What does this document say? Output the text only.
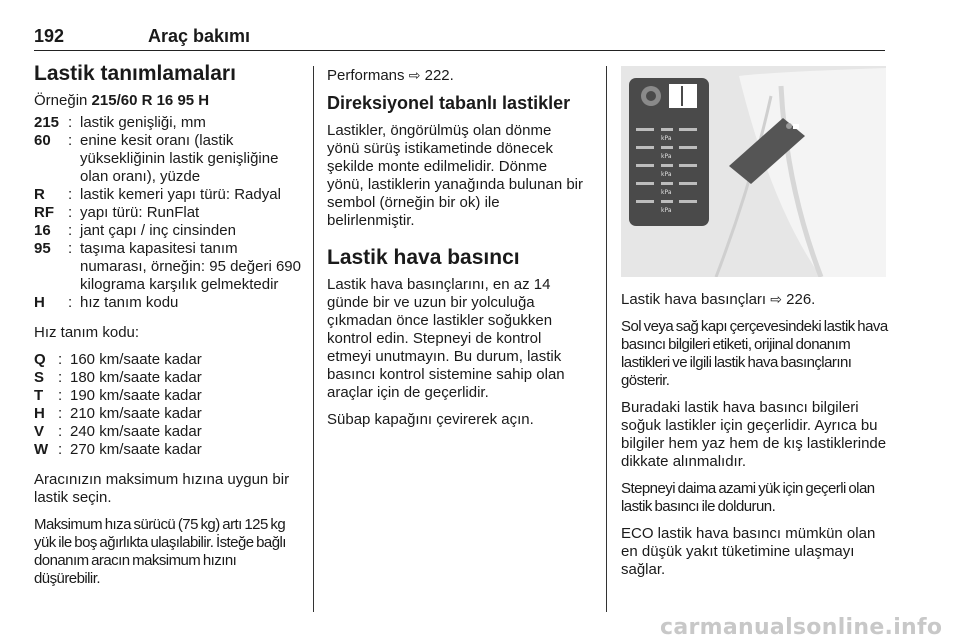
192	Araç bakımı
Lastik tanımlamaları

Örneğin 215/60 R 16 95 H

215 : lastik genişliği, mm
60	: enine kesit oranı (lastik yüksekliğinin lastik genişliğine olan oranı), yüzde
R	: lastik kemeri yapı türü: Radyal
RF : yapı türü: RunFlat
16	: jant çapı / inç cinsinden
95	: taşıma kapasitesi tanım numarası, örneğin: 95 değeri 690 kilograma karşılık gelmektedir
H	: hız tanım kodu

Hız tanım kodu:

Q : 160 km/saate kadar
S : 180 km/saate kadar
T : 190 km/saate kadar
H : 210 km/saate kadar
V : 240 km/saate kadar
W : 270 km/saate kadar

Aracınızın maksimum hızına uygun bir lastik seçin.

Maksimum hıza sürücü (75 kg) artı 125 kg yük ile boş ağırlıkta ulaşılabilir. İsteğe bağlı donanım aracın maksimum hızını düşürebilir.

Performans ⇨ 222.

Direksiyonel tabanlı lastikler

Lastikler, öngörülmüş olan dönme yönü sürüş istikametinde dönecek şekilde monte edilmelidir. Dönme yönü, lastiklerin yanağında bulunan bir sembol (örneğin bir ok) ile belirlenmiştir.

Lastik hava basıncı

Lastik hava basınçlarını, en az 14 günde bir ve uzun bir yolculuğa çıkmadan önce lastikler soğukken kontrol edin. Stepneyi de kontrol etmeyi unutmayın. Bu durum, lastik basıncı kontrol sistemine sahip olan araçlar için de geçerlidir.

Sübap kapağını çevirerek açın.

kPa
kPa
kPa
kPa
kPa

Lastik hava basınçları ⇨ 226.

Sol veya sağ kapı çerçevesindeki lastik hava basıncı bilgileri etiketi, orijinal donanım lastikleri ve ilgili lastik hava basınçlarını gösterir.

Buradaki lastik hava basıncı bilgileri soğuk lastikler için geçerlidir. Ayrıca bu bilgiler hem yaz hem de kış lastiklerinde dikkate alınmalıdır.

Stepneyi daima azami yük için geçerli olan lastik basıncı ile doldurun.

ECO lastik hava basıncı mümkün olan en düşük yakıt tüketimine ulaşmayı sağlar.

carmanualsonline.info
